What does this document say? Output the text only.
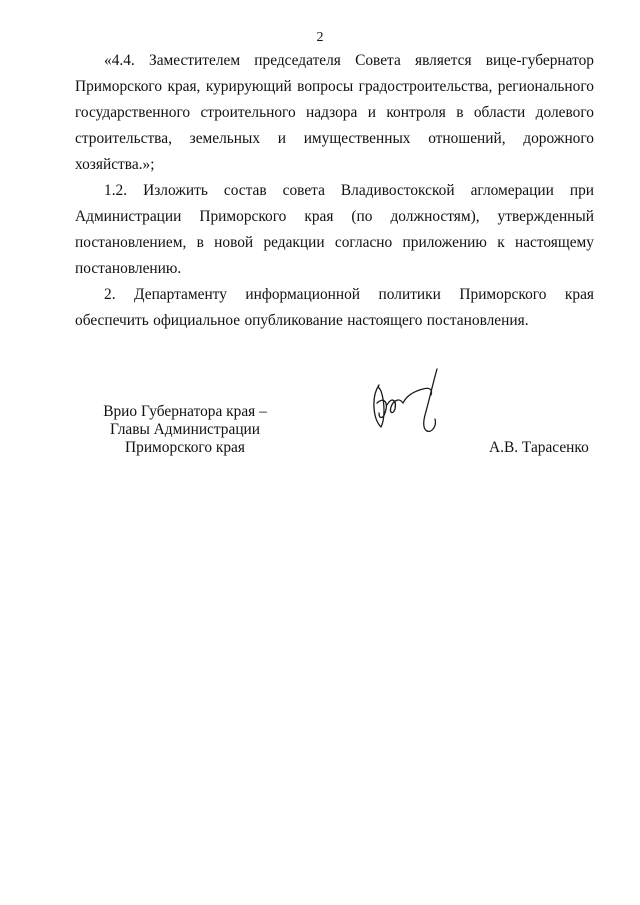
2

«4.4. Заместителем председателя Совета является вице-губернатор Приморского края, курирующий вопросы градостроительства, регионального государственного строительного надзора и контроля в области долевого строительства, земельных и имущественных отношений, дорожного хозяйства.»;

1.2. Изложить состав совета Владивостокской агломерации при Администрации Приморского края (по должностям), утвержденный постановлением, в новой редакции согласно приложению к настоящему постановлению.

2. Департаменту информационной политики Приморского края обеспечить официальное опубликование настоящего постановления.

Врио Губернатора края –
Главы Администрации
Приморского края	А.В. Тарасенко
